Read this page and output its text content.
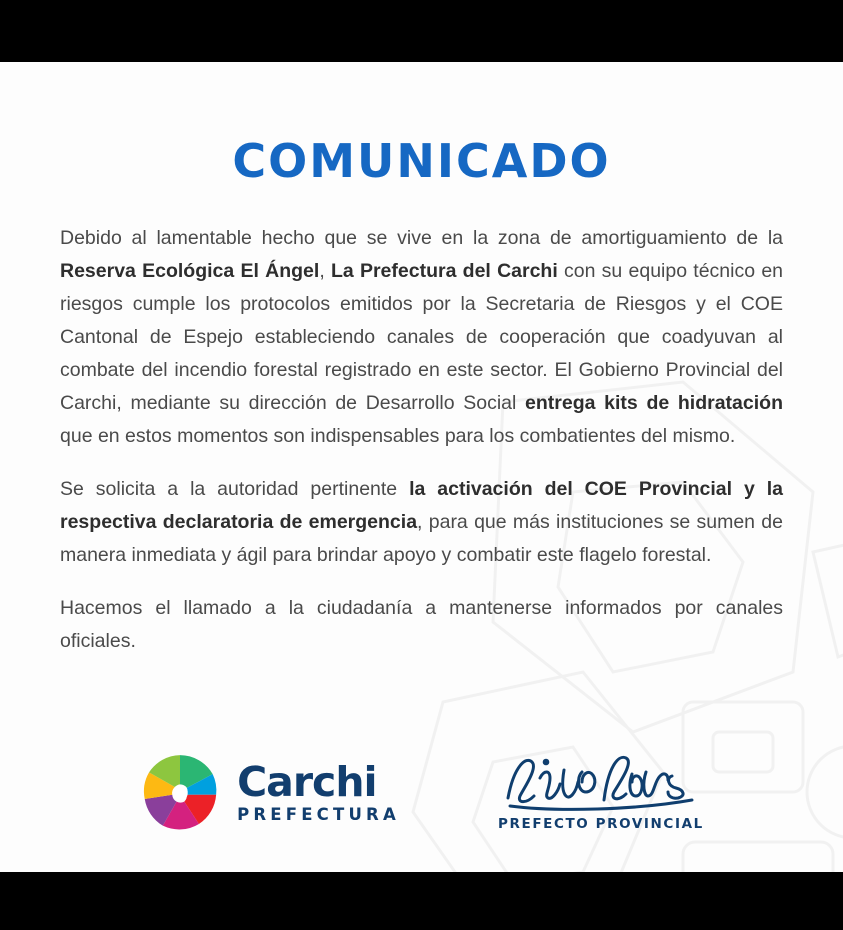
COMUNICADO

Debido al lamentable hecho que se vive en la zona de amortiguamiento de la Reserva Ecológica El Ángel, La Prefectura del Carchi con su equipo técnico en riesgos cumple los protocolos emitidos por la Secretaria de Riesgos y el COE Cantonal de Espejo estableciendo canales de cooperación que coadyuvan al combate del incendio forestal registrado en este sector. El Gobierno Provincial del Carchi, mediante su dirección de Desarrollo Social entrega kits de hidratación que en estos momentos son indispensables para los combatientes del mismo.

Se solicita a la autoridad pertinente la activación del COE Provincial y la respectiva declaratoria de emergencia, para que más instituciones se sumen de manera inmediata y ágil para brindar apoyo y combatir este flagelo forestal.

Hacemos el llamado a la ciudadanía a mantenerse informados por canales oficiales.

Carchi
PREFECTURA	PREFECTO PROVINCIAL
